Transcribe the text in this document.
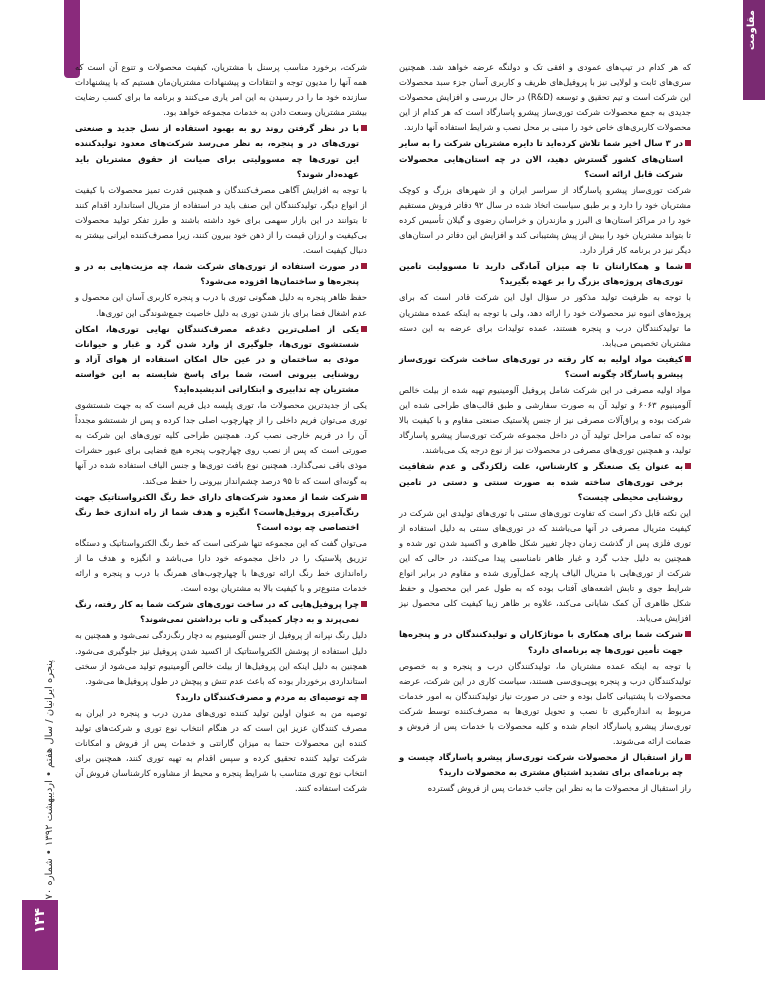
مقاومت
پنجره ایرانیان / سال هفتم • اردیبهشت ۱۳۹۲ • شماره ۷۰
۱۴۴

که هر کدام در تیپ‌های عمودی و افقی تک و دولنگه عرضه خواهد شد. همچنین سری‌های ثابت و لولایی نیز با پروفیل‌های ظریف و کاربری آسان جزء سبد محصولات این شرکت است و تیم تحقیق و توسعه (R&D) در حال بررسی و افزایش محصولات جدیدی به جمع محصولات شرکت توری‌ساز پیشرو پاسارگاد است که هر کدام از این محصولات کاربری‌های خاص خود را مبنی بر محل نصب و شرایط استفاده آنها دارند.

در ۳ سال اخیر شما تلاش کرده‌اید تا دایره مشتریان شرکت را به سایر استان‌های کشور گسترش دهید، الان در چه استان‌هایی محصولات شرکت قابل ارائه است؟

شرکت توری‌ساز پیشرو پاسارگاد از سراسر ایران و از شهرهای بزرگ و کوچک مشتریان خود را دارد و بر طبق سیاست اتخاذ شده در سال ۹۲ دفاتر فروش مستقیم خود را در مراکز استان‌ها ی البرز و مازندران و خراسان رضوی و گیلان تأسیس کرده تا بتواند مشتریان خود را بیش از پیش پشتیبانی کند و افزایش این دفاتر در استان‌های دیگر نیز در برنامه کار قرار دارد.

شما و همکارانتان تا چه میزان آمادگی دارید تا مسوولیت تامین توری‌های پروژه‌های بزرگ را بر عهده بگیرید؟

با توجه به ظرفیت تولید مذکور در سؤال اول این شرکت قادر است که برای پروژه‌های انبوه نیز محصولات خود را ارائه دهد، ولی با توجه به اینکه عمده مشتریان ما تولیدکنندگان درب و پنجره هستند، عمده تولیدات برای عرضه به این دسته مشتریان تخصیص می‌یابد.

کیفیت مواد اولیه به کار رفته در توری‌های ساخت شرکت توری‌ساز پیشرو پاسارگاد چگونه است؟

مواد اولیه مصرفی در این شرکت شامل پروفیل آلومینیوم تهیه شده از بیلت خالص آلومینیوم ۶۰۶۳ و تولید آن به صورت سفارشی و طبق قالب‌های طراحی شده این شرکت بوده و یراق‌آلات مصرفی نیز از جنس پلاستیک صنعتی مقاوم و با کیفیت بالا بوده که تمامی مراحل تولید آن در داخل مجموعه شرکت توری‌ساز پیشرو پاسارگاد تولید، و همچنین توری‌های مصرفی در محصولات نیز از نوع درجه یک می‌باشند.

به عنوان یک صنعتگر و کارشناس، علت زلکزدگی و عدم شفافیت برخی توری‌های ساخته شده به صورت سنتی و دستی در تامین روشنایی محیطی چیست؟

این نکته قابل ذکر است که تفاوت توری‌های سنتی با توری‌های تولیدی این شرکت در کیفیت متریال مصرفی در آنها می‌باشند که در توری‌های سنتی به دلیل استفاده از توری فلزی پس از گذشت زمان دچار تغییر شکل ظاهری و اکسید شدن تور شده و همچنین به دلیل جذب گرد و غبار ظاهر نامناسبی پیدا می‌کنند، در حالی که این شرکت از توری‌هایی با متریال الیاف پارچه عمل‌آوری شده و مقاوم در برابر انواع شرایط جوی و تابش اشعه‌های آفتاب بوده که به طول عمر این محصول و حفظ شکل ظاهری آن کمک شایانی می‌کند، علاوه بر ظاهر زیبا کیفیت کلی محصول نیز افزایش می‌یابد.

شرکت شما برای همکاری با موتاژکاران و تولیدکنندگان در و پنجره‌ها جهت تأمین توری‌ها چه برنامه‌ای دارد؟

با توجه به اینکه عمده مشتریان ما، تولیدکنندگان درب و پنجره و به خصوص تولیدکنندگان درب و پنجره یوپی‌وی‌سی هستند، سیاست کاری در این شرکت، عرضه محصولات با پشتیبانی کامل بوده و حتی در صورت نیاز تولیدکنندگان به امور خدمات مربوط به اندازه‌گیری تا نصب و تحویل توری‌ها به مصرف‌کننده توسط شرکت توری‌ساز پیشرو پاسارگاد انجام شده و کلیه محصولات با خدمات پس از فروش و ضمانت ارائه می‌شوند.

راز استقبال از محصولات شرکت توری‌ساز پیشرو پاسارگاد چیست و چه برنامه‌ای برای تشدید اشتیاق مشتری به محصولات دارید؟

راز استقبال از محصولات ما به نظر این جانب خدمات پس از فروش گسترده

شرکت، برخورد مناسب پرسنل با مشتریان، کیفیت محصولات و تنوع آن است که همه آنها را مدیون توجه و انتقادات و پیشنهادات مشتریان‌مان هستیم که با پیشنهادات سازنده خود ما را در رسیدن به این امر یاری می‌کنند و برنامه ما برای کسب رضایت بیشتر مشتریان وسعت دادن به خدمات مجموعه خواهد بود.

با در نظر گرفتن روند رو به بهبود استفاده از نسل جدید و صنعتی توری‌های در و پنجره، به نظر می‌رسد شرکت‌های معدود تولیدکننده این توری‌ها چه مسوولیتی برای صیانت از حقوق مشتریان باید عهده‌دار شوند؟

با توجه به افزایش آگاهی مصرف‌کنندگان و همچنین قدرت تمیز محصولات با کیفیت از انواع دیگر، تولیدکنندگان این صنف باید در استفاده از متریال استاندارد اقدام کنند تا بتوانند در این بازار سهمی برای خود داشته باشند و طرز تفکر تولید محصولات بی‌کیفیت و ارزان قیمت را از ذهن خود بیرون کنند، زیرا مصرف‌کننده ایرانی بیشتر به دنبال کیفیت است.

در صورت استفاده از توری‌های شرکت شما، چه مزیت‌هایی به در و پنجره‌ها و ساختمان‌ها افزوده می‌شود؟

حفظ ظاهر پنجره به دلیل همگونی توری با درب و پنجره کاربری آسان این محصول و عدم اشغال فضا برای باز شدن توری به دلیل خاصیت جمع‌شوندگی این توری‌ها.

یکی از اصلی‌ترین دغدغه مصرف‌کنندگان نهایی توری‌ها، امکان شستشوی توری‌ها، جلوگیری از وارد شدن گرد و غبار و حیوانات موذی به ساختمان و در عین حال امکان استفاده از هوای آزاد و روشنایی بیرونی است، شما برای پاسخ شایسته به این خواسته مشتریان چه تدابیری و ابتکاراتی اندیشیده‌اید؟

یکی از جدیدترین محصولات ما، توری پلیسه دیل فریم است که به جهت شستشوی توری می‌توان فریم داخلی را از چهارچوب اصلی جدا کرده و پس از شستشو مجدداً آن را در فریم خارجی نصب کرد. همچنین طراحی کلیه توری‌های این شرکت به صورتی است که پس از نصب روی چهارچوب پنجره هیچ فضایی برای عبور حشرات موذی باقی نمی‌گذارد. همچنین نوع بافت توری‌ها و جنس الیاف استفاده شده در آنها به گونه‌ای است که تا ۹۵ درصد چشم‌انداز بیرونی را حفظ می‌کند.

شرکت شما از معدود شرکت‌های دارای خط رنگ الکترواستاتیک جهت رنگ‌آمیزی پروفیل‌هاست؟ انگیزه و هدف شما از راه اندازی خط رنگ اختصاصی چه بوده است؟

می‌توان گفت که این مجموعه تنها شرکتی است که خط رنگ الکترواستاتیک و دستگاه تزریق پلاستیک را در داخل مجموعه خود دارا می‌باشد و انگیزه و هدف ما از راه‌اندازی خط رنگ ارائه توری‌ها با چهارچوب‌های همرنگ با درب و پنجره و ارائه خدمات متنوع‌تر و با کیفیت بالا به مشتریان بوده است.

چرا پروفیل‌هایی که در ساخت توری‌های شرکت شما به کار رفته، رنگ نمی‌پرند و به دچار کمیدگی و تاب برداشتن نمی‌شوند؟

دلیل رنگ نپرانه از پروفیل از جنس آلومینیوم به دچار رنگ‌زدگی نمی‌شود و همچنین به دلیل استفاده از پوشش الکترواستاتیک از اکسید شدن پروفیل نیز جلوگیری می‌شود. همچنین به دلیل اینکه این پروفیل‌ها از بیلت خالص آلومینیوم تولید می‌شود از سختی استانداردی برخوردار بوده که باعث عدم تنش و پیچش در طول پروفیل‌ها می‌شود.

چه توصیه‌ای به مردم و مصرف‌کنندگان دارید؟

توصیه من به عنوان اولین تولید کننده توری‌های مدرن درب و پنجره در ایران به مصرف کنندگان عزیز این است که در هنگام انتخاب نوع توری و شرکت‌های تولید کننده این محصولات حتما به میزان گارانتی و خدمات پس از فروش و امکانات شرکت تولید کننده تحقیق کرده و سپس اقدام به تهیه توری کنند، همچنین برای انتخاب نوع توری متناسب با شرایط پنجره و محیط از مشاوره کارشناسان فروش آن شرکت استفاده کنند.
